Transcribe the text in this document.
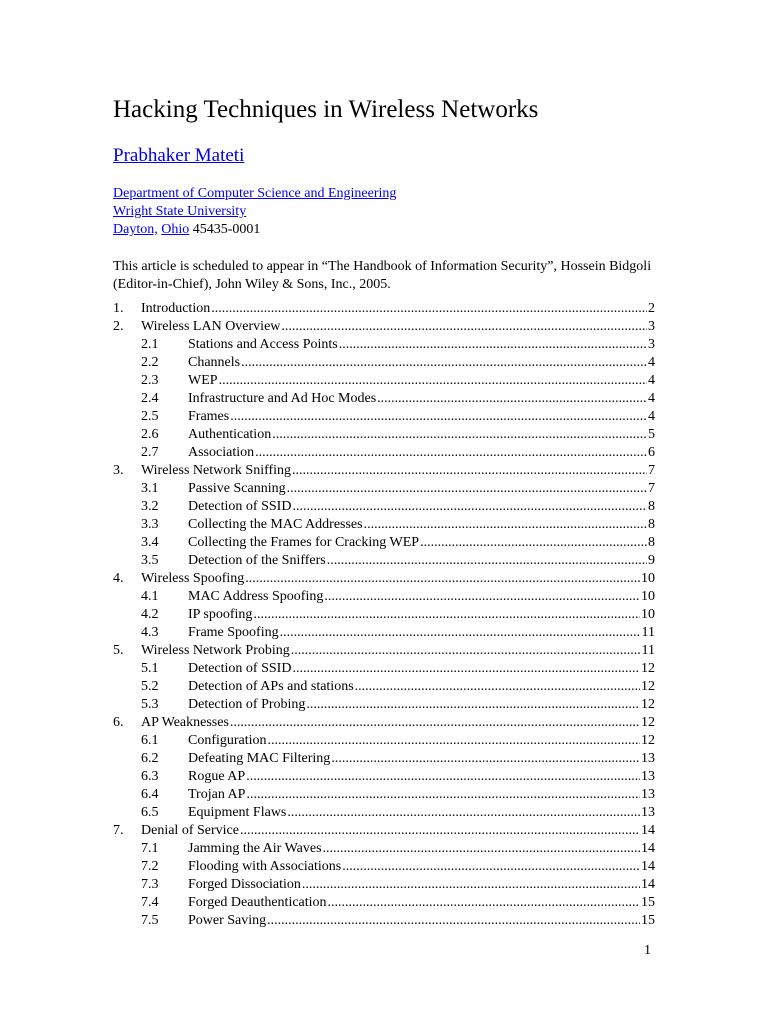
Hacking Techniques in Wireless Networks
Prabhaker Mateti
Department of Computer Science and Engineering
Wright State University
Dayton, Ohio 45435-0001

This article is scheduled to appear in “The Handbook of Information Security”, Hossein Bidgoli (Editor-in-Chief), John Wiley & Sons, Inc., 2005.

1. Introduction .....	2
2. Wireless LAN Overview .....	3
2.1 Stations and Access Points .....	3
2.2 Channels .....	4
2.3 WEP .....	4
2.4 Infrastructure and Ad Hoc Modes .....	4
2.5 Frames .....	4
2.6 Authentication .....	5
2.7 Association .....	6
3. Wireless Network Sniffing .....	7
3.1 Passive Scanning .....	7
3.2 Detection of SSID .....	8
3.3 Collecting the MAC Addresses .....	8
3.4 Collecting the Frames for Cracking WEP .....	8
3.5 Detection of the Sniffers .....	9
4. Wireless Spoofing .....	10
4.1 MAC Address Spoofing .....	10
4.2 IP spoofing .....	10
4.3 Frame Spoofing .....	11
5. Wireless Network Probing .....	11
5.1 Detection of SSID .....	12
5.2 Detection of APs and stations .....	12
5.3 Detection of Probing .....	12
6. AP Weaknesses .....	12
6.1 Configuration .....	12
6.2 Defeating MAC Filtering .....	13
6.3 Rogue AP .....	13
6.4 Trojan AP .....	13
6.5 Equipment Flaws .....	13
7. Denial of Service .....	14
7.1 Jamming the Air Waves .....	14
7.2 Flooding with Associations .....	14
7.3 Forged Dissociation .....	14
7.4 Forged Deauthentication .....	15
7.5 Power Saving .....	15
1
